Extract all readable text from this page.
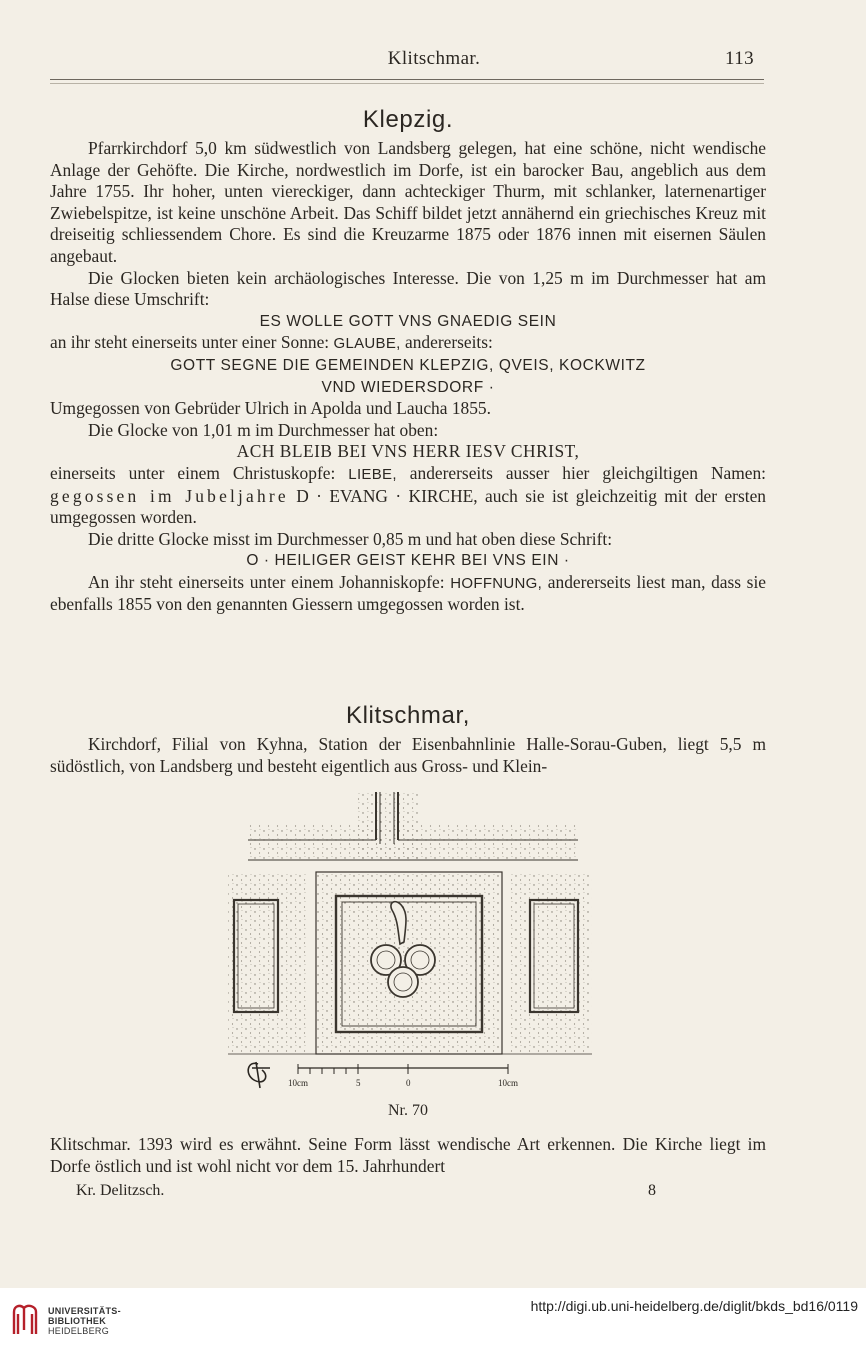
Klitschmar.	113
Klepzig.

Pfarrkirchdorf 5,0 km südwestlich von Landsberg gelegen, hat eine schöne, nicht wendische Anlage der Gehöfte. Die Kirche, nordwestlich im Dorfe, ist ein barocker Bau, angeblich aus dem Jahre 1755. Ihr hoher, unten viereckiger, dann achteckiger Thurm, mit schlanker, laternenartiger Zwiebelspitze, ist keine unschöne Arbeit. Das Schiff bildet jetzt annähernd ein griechisches Kreuz mit dreiseitig schliessendem Chore. Es sind die Kreuzarme 1875 oder 1876 innen mit eisernen Säulen angebaut.

Die Glocken bieten kein archäologisches Interesse. Die von 1,25 m im Durchmesser hat am Halse diese Umschrift:

ES WOLLE GOTT VNS GNAEDIG SEIN

an ihr steht einerseits unter einer Sonne: GLAUBE, andererseits:

GOTT SEGNE DIE GEMEINDEN KLEPZIG, QVEIS, KOCKWITZ

VND WIEDERSDORF ·

Umgegossen von Gebrüder Ulrich in Apolda und Laucha 1855.

Die Glocke von 1,01 m im Durchmesser hat oben:

ACH BLEIB BEI VNS HERR IESV CHRIST,

einerseits unter einem Christuskopfe: LIEBE, andererseits ausser hier gleichgiltigen Namen: gegossen im Jubeljahre D · EVANG · KIRCHE, auch sie ist gleichzeitig mit der ersten umgegossen worden.

Die dritte Glocke misst im Durchmesser 0,85 m und hat oben diese Schrift:

O · HEILIGER GEIST KEHR BEI VNS EIN ·

An ihr steht einerseits unter einem Johanniskopfe: HOFFNUNG, andererseits liest man, dass sie ebenfalls 1855 von den genannten Giessern umgegossen worden ist.

Klitschmar,

Kirchdorf, Filial von Kyhna, Station der Eisenbahnlinie Halle-Sorau-Guben, liegt 5,5 m südöstlich, von Landsberg und besteht eigentlich aus Gross- und Klein-

10cm	5	0	10cm
Nr. 70

Klitschmar. 1393 wird es erwähnt. Seine Form lässt wendische Art erkennen. Die Kirche liegt im Dorfe östlich und ist wohl nicht vor dem 15. Jahrhundert

Kr. Delitzsch.	8
UNIVERSITÄTS-
BIBLIOTHEK
HEIDELBERG
http://digi.ub.uni-heidelberg.de/diglit/bkds_bd16/0119
